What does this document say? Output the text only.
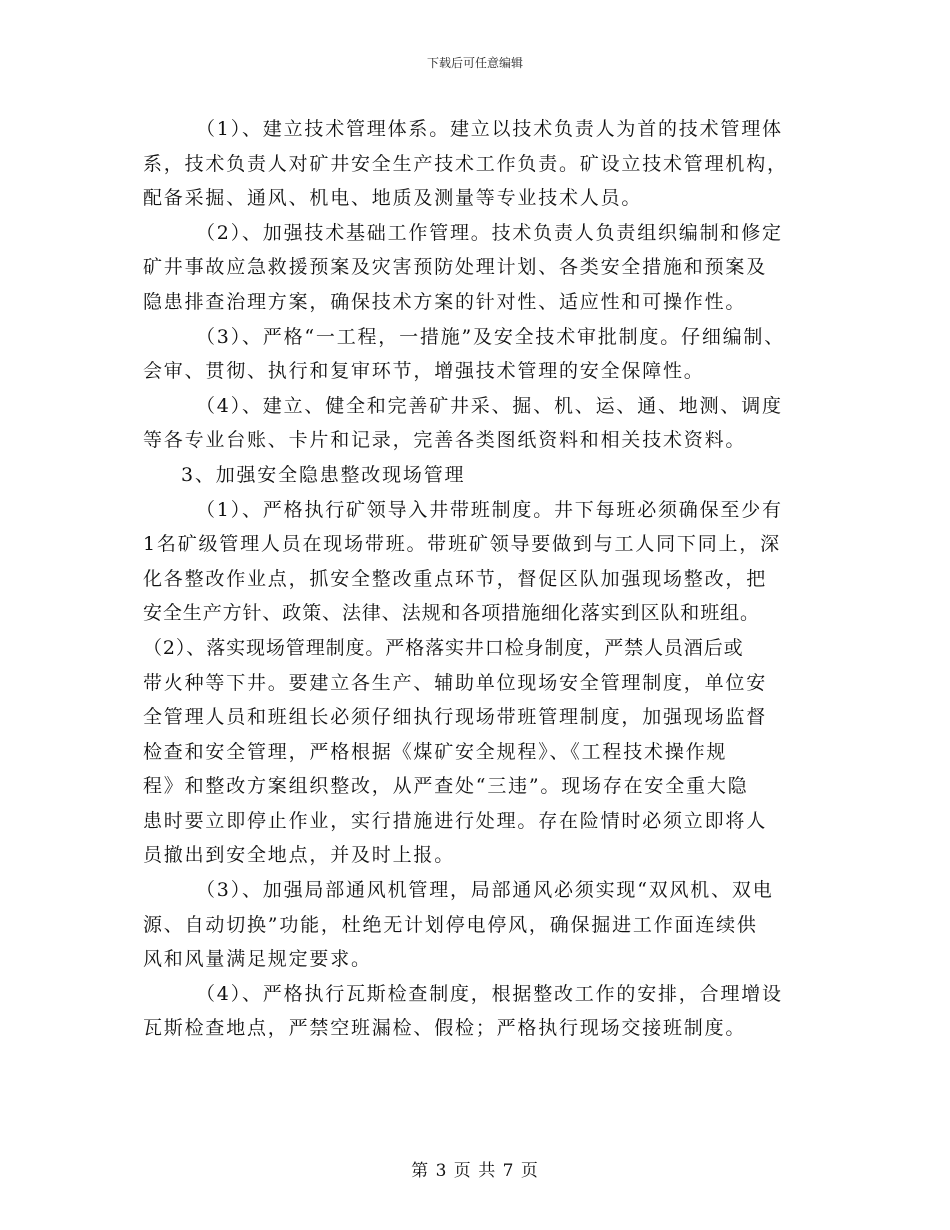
下载后可任意编辑
（1）、建立技术管理体系。建立以技术负责人为首的技术管理体
系，技术负责人对矿井安全生产技术工作负责。矿设立技术管理机构，
配备采掘、通风、机电、地质及测量等专业技术人员。
（2）、加强技术基础工作管理。技术负责人负责组织编制和修定
矿井事故应急救援预案及灾害预防处理计划、各类安全措施和预案及
隐患排查治理方案，确保技术方案的针对性、适应性和可操作性。
（3）、严格“一工程，一措施”及安全技术审批制度。仔细编制、
会审、贯彻、执行和复审环节，增强技术管理的安全保障性。
（4）、建立、健全和完善矿井采、掘、机、运、通、地测、调度
等各专业台账、卡片和记录，完善各类图纸资料和相关技术资料。
3、加强安全隐患整改现场管理
（1）、严格执行矿领导入井带班制度。井下每班必须确保至少有
1名矿级管理人员在现场带班。带班矿领导要做到与工人同下同上，深
化各整改作业点，抓安全整改重点环节，督促区队加强现场整改，把
安全生产方针、政策、法律、法规和各项措施细化落实到区队和班组。
（2）、落实现场管理制度。严格落实井口检身制度，严禁人员酒后或
带火种等下井。要建立各生产、辅助单位现场安全管理制度，单位安
全管理人员和班组长必须仔细执行现场带班管理制度，加强现场监督
检查和安全管理，严格根据《煤矿安全规程》、《工程技术操作规
程》和整改方案组织整改，从严查处“三违”。现场存在安全重大隐
患时要立即停止作业，实行措施进行处理。存在险情时必须立即将人
员撤出到安全地点，并及时上报。
（3）、加强局部通风机管理，局部通风必须实现“双风机、双电
源、自动切换”功能，杜绝无计划停电停风，确保掘进工作面连续供
风和风量满足规定要求。
（4）、严格执行瓦斯检查制度，根据整改工作的安排，合理增设
瓦斯检查地点，严禁空班漏检、假检；严格执行现场交接班制度。
第 3 页 共 7 页
